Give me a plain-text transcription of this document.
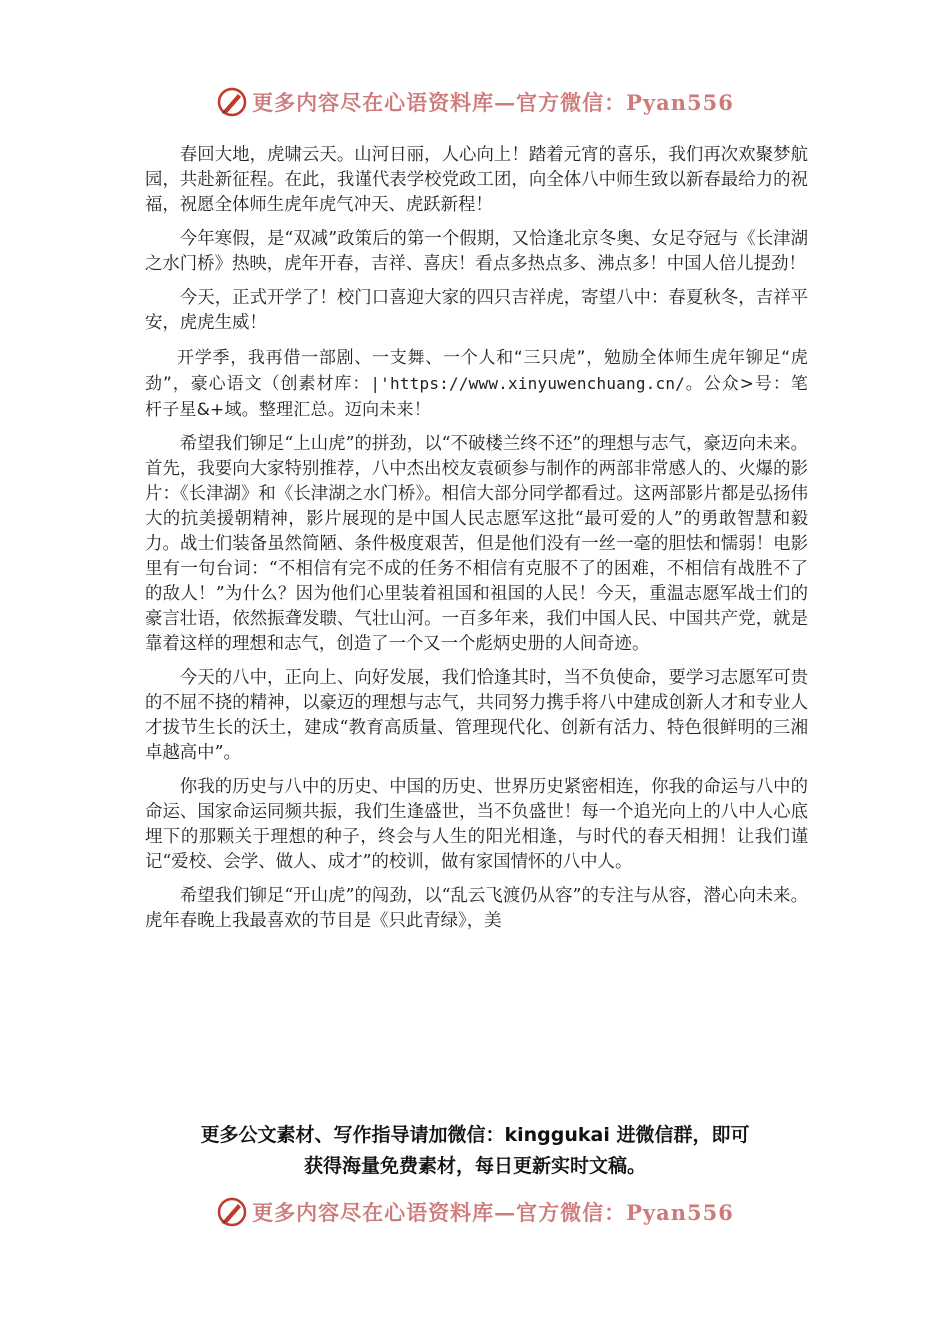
更多内容尽在心语资料库—官方微信：Pyan556

春回大地，虎啸云天。山河日丽，人心向上！踏着元宵的喜乐，我们再次欢聚梦航园，共赴新征程。在此，我谨代表学校党政工团，向全体八中师生致以新春最给力的祝福，祝愿全体师生虎年虎气冲天、虎跃新程！

今年寒假，是“双减”政策后的第一个假期，又恰逢北京冬奥、女足夺冠与《长津湖之水门桥》热映，虎年开春，吉祥、喜庆！看点多热点多、沸点多！中国人倍儿提劲！

今天，正式开学了！校门口喜迎大家的四只吉祥虎，寄望八中：春夏秋冬，吉祥平安，虎虎生威！

开学季，我再借一部剧、一支舞、一个人和“三只虎”，勉励全体师生虎年铆足“虎劲”，豪心语文（创素材库：|'https://www.xinyuwenchuang.cn/。公众>号：笔杆子星&+域。整理汇总。迈向未来！

希望我们铆足“上山虎”的拼劲，以“不破楼兰终不还”的理想与志气，豪迈向未来。首先，我要向大家特别推荐，八中杰出校友袁硕参与制作的两部非常感人的、火爆的影片：《长津湖》和《长津湖之水门桥》。相信大部分同学都看过。这两部影片都是弘扬伟大的抗美援朝精神，影片展现的是中国人民志愿军这批“最可爱的人”的勇敢智慧和毅力。战士们装备虽然简陋、条件极度艰苦，但是他们没有一丝一毫的胆怯和懦弱！电影里有一句台词：“不相信有完不成的任务不相信有克服不了的困难，不相信有战胜不了的敌人！”为什么？因为他们心里装着祖国和祖国的人民！今天，重温志愿军战士们的豪言壮语，依然振聋发聩、气壮山河。一百多年来，我们中国人民、中国共产党，就是靠着这样的理想和志气，创造了一个又一个彪炳史册的人间奇迹。

今天的八中，正向上、向好发展，我们恰逢其时，当不负使命，要学习志愿军可贵的不屈不挠的精神，以豪迈的理想与志气，共同努力携手将八中建成创新人才和专业人才拔节生长的沃土，建成“教育高质量、管理现代化、创新有活力、特色很鲜明的三湘卓越高中”。

你我的历史与八中的历史、中国的历史、世界历史紧密相连，你我的命运与八中的命运、国家命运同频共振，我们生逢盛世，当不负盛世！每一个追光向上的八中人心底埋下的那颗关于理想的种子，终会与人生的阳光相逢，与时代的春天相拥！让我们谨记“爱校、会学、做人、成才”的校训，做有家国情怀的八中人。

希望我们铆足“开山虎”的闯劲，以“乱云飞渡仍从容”的专注与从容，潜心向未来。虎年春晚上我最喜欢的节目是《只此青绿》，美

更多公文素材、写作指导请加微信：kinggukai 进微信群，即可
获得海量免费素材，每日更新实时文稿。
更多内容尽在心语资料库—官方微信：Pyan556
